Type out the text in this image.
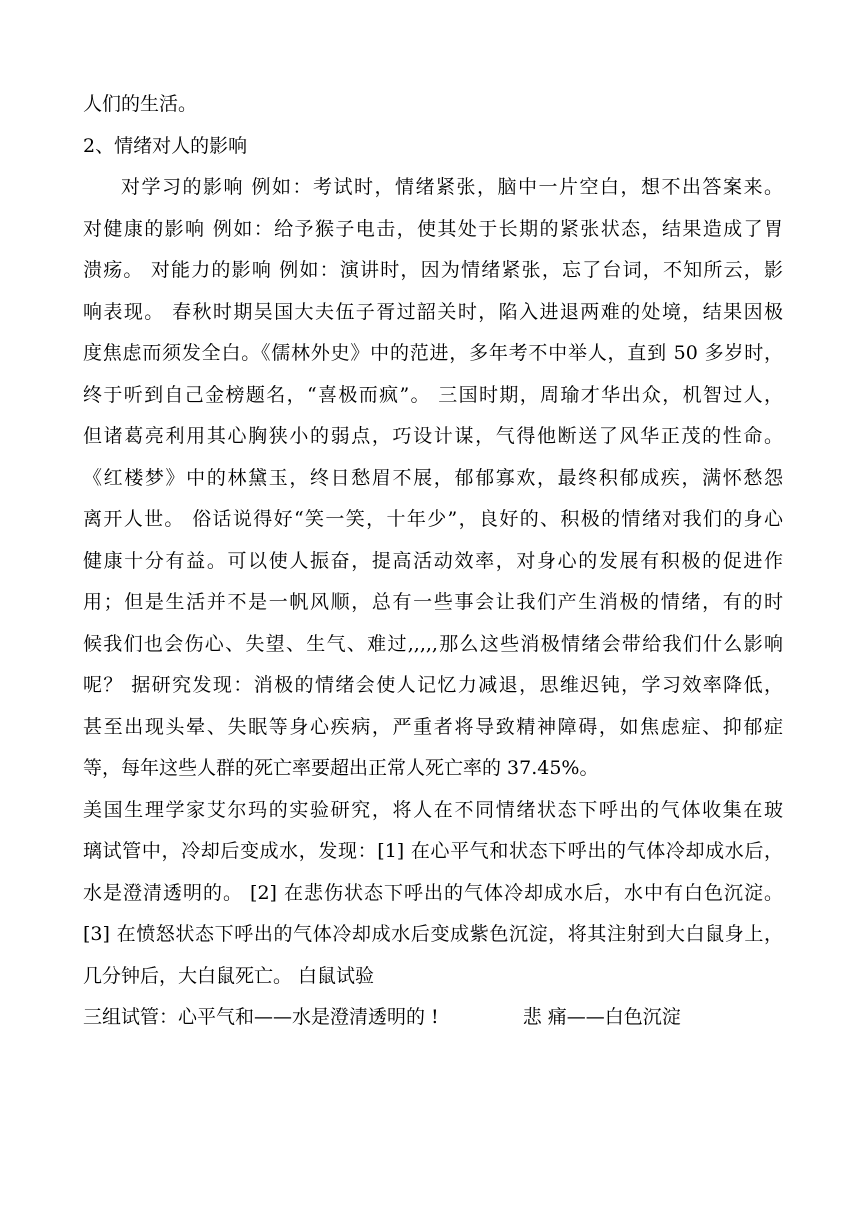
人们的生活。
2、情绪对人的影响
对学习的影响 例如：考试时，情绪紧张，脑中一片空白，想不出答案来。
对健康的影响 例如：给予猴子电击，使其处于长期的紧张状态，结果造成了胃
溃疡。 对能力的影响 例如：演讲时，因为情绪紧张，忘了台词，不知所云，影
响表现。 春秋时期吴国大夫伍子胥过韶关时，陷入进退两难的处境，结果因极
度焦虑而须发全白。《儒林外史》中的范进，多年考不中举人，直到 50 多岁时，
终于听到自己金榜题名，“喜极而疯”。 三国时期，周瑜才华出众，机智过人，
但诸葛亮利用其心胸狭小的弱点，巧设计谋，气得他断送了风华正茂的性命。
《红楼梦》中的林黛玉，终日愁眉不展，郁郁寡欢，最终积郁成疾，满怀愁怨
离开人世。 俗话说得好“笑一笑，十年少”，良好的、积极的情绪对我们的身心
健康十分有益。可以使人振奋，提高活动效率，对身心的发展有积极的促进作
用；但是生活并不是一帆风顺，总有一些事会让我们产生消极的情绪，有的时
候我们也会伤心、失望、生气、难过,,,,,那么这些消极情绪会带给我们什么影响
呢？ 据研究发现：消极的情绪会使人记忆力减退，思维迟钝，学习效率降低，
甚至出现头晕、失眠等身心疾病，严重者将导致精神障碍，如焦虑症、抑郁症
等，每年这些人群的死亡率要超出正常人死亡率的 37.45%。
美国生理学家艾尔玛的实验研究，将人在不同情绪状态下呼出的气体收集在玻
璃试管中，冷却后变成水，发现：[1] 在心平气和状态下呼出的气体冷却成水后，
水是澄清透明的。 [2] 在悲伤状态下呼出的气体冷却成水后，水中有白色沉淀。
[3] 在愤怒状态下呼出的气体冷却成水后变成紫色沉淀，将其注射到大白鼠身上，
几分钟后，大白鼠死亡。 白鼠试验
三组试管：心平气和——水是澄清透明的 !	悲 痛——白色沉淀
